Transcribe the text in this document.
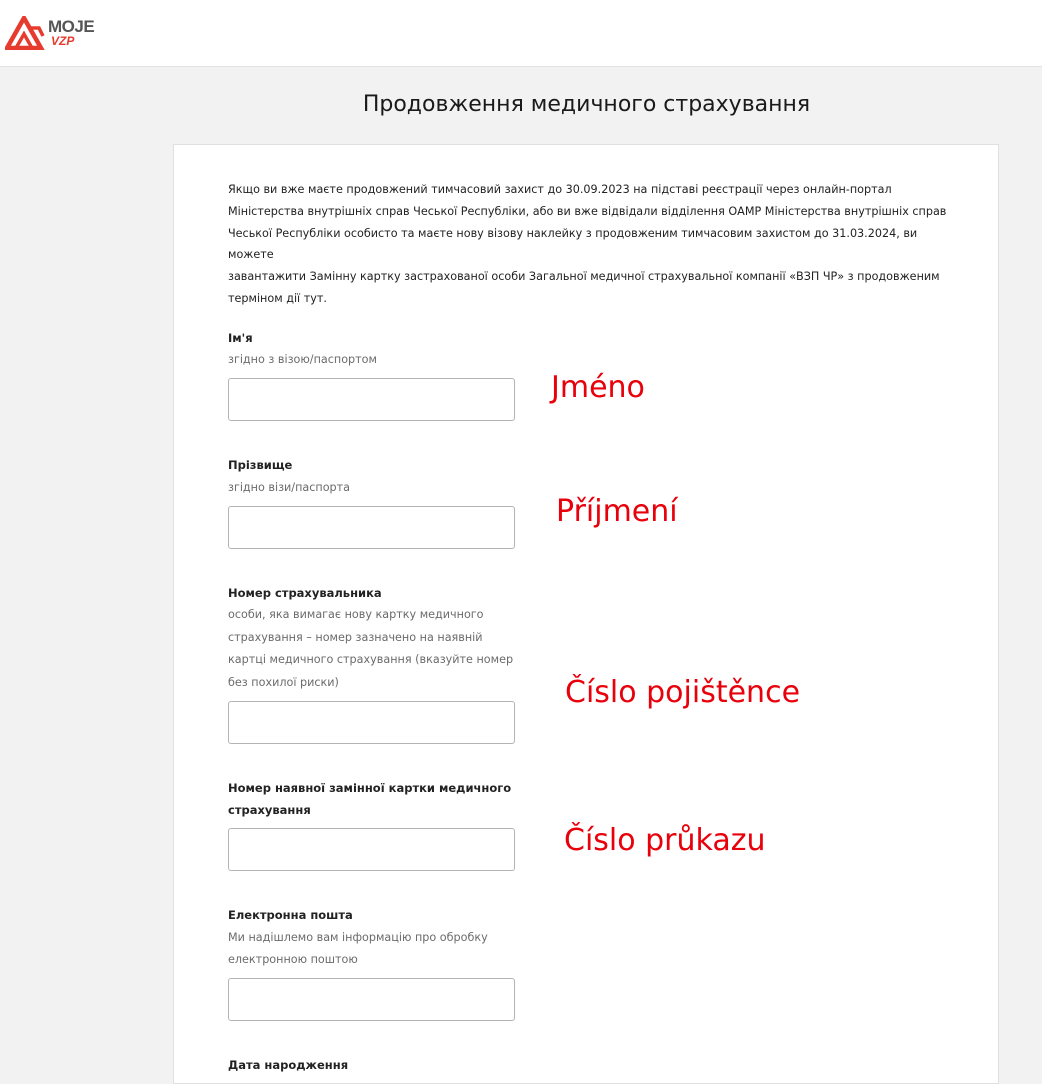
MOJE
VZP
Продовження медичного страхування
Якщо ви вже маєте продовжений тимчасовий захист до 30.09.2023 на підставі реєстрації через онлайн-портал
Міністерства внутрішніх справ Чеської Республіки, або ви вже відвідали відділення ОАМР Міністерства внутрішніх справ
Чеської Республіки особисто та маєте нову візову наклейку з продовженим тимчасовим захистом до 31.03.2024, ви можете
завантажити Замінну картку застрахованої особи Загальної медичної страхувальної компанії «ВЗП ЧР» з продовженим
терміном дії тут.
Ім'я
згідно з візою/паспортом
Прізвище
згідно візи/паспорта
Номер страхувальника
особи, яка вимагає нову картку медичного
страхування – номер зазначено на наявній
картці медичного страхування (вказуйте номер
без похилої риски)
Номер наявної замінної картки медичного
страхування
Електронна пошта
Ми надішлемо вам інформацію про обробку
електронною поштою
Дата народження
Jméno
Příjmení
Číslo pojištěnce
Číslo průkazu
